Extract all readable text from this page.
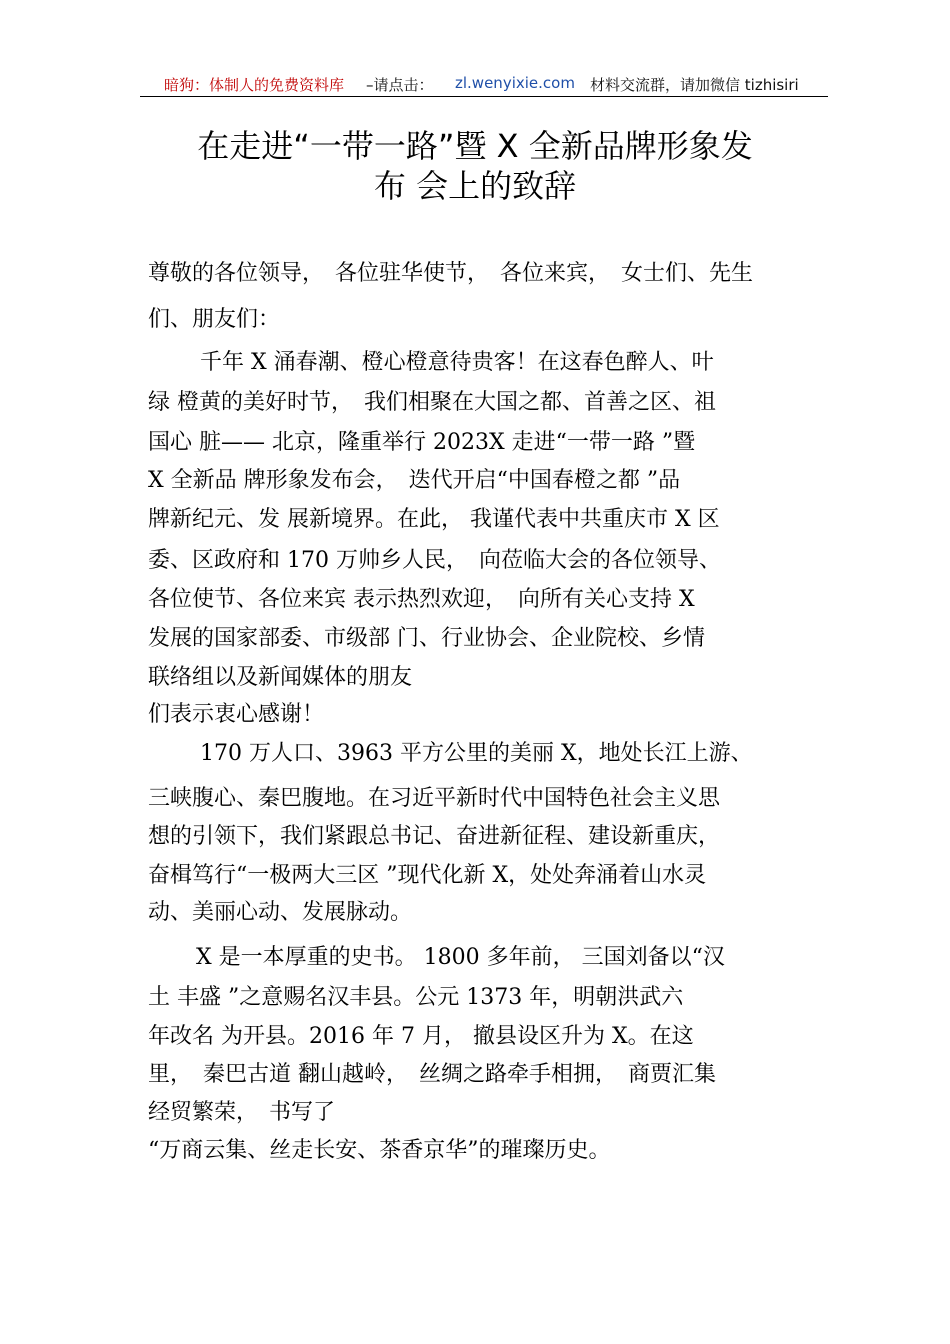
暗狗：体制人的免费资料库 –请点击： zl.wenyixie.com 材料交流群，请加微信 tizhisiri
在走进“一带一路”暨 X 全新品牌形象发
布 会上的致辞
尊敬的各位领导，　各位驻华使节，　各位来宾，　女士们、先生
们、朋友们：
千年 X 涌春潮、橙心橙意待贵客！在这春色醉人、叶
绿 橙黄的美好时节，　我们相聚在大国之都、首善之区、祖
国心 脏—— 北京，隆重举行 2023X 走进“一带一路 ”暨
X 全新品 牌形象发布会，　迭代开启“中国春橙之都 ”品
牌新纪元、发 展新境界。在此， 我谨代表中共重庆市 X 区
委、区政府和 170 万帅乡人民，　向莅临大会的各位领导、
各位使节、各位来宾 表示热烈欢迎，　向所有关心支持 X
发展的国家部委、市级部 门、行业协会、企业院校、乡情
联络组以及新闻媒体的朋友
们表示衷心感谢！
170 万人口、3963 平方公里的美丽 X，地处长江上游、
三峡腹心、秦巴腹地。在习近平新时代中国特色社会主义思
想的引领下，我们紧跟总书记、奋进新征程、建设新重庆，
奋楫笃行“一极两大三区 ”现代化新 X，处处奔涌着山水灵
动、美丽心动、发展脉动。
X 是一本厚重的史书。 1800 多年前， 三国刘备以“汉
土 丰盛 ”之意赐名汉丰县。公元 1373 年，明朝洪武六
年改名 为开县。2016 年 7 月， 撤县设区升为 X。在这
里，　秦巴古道 翻山越岭，　丝绸之路牵手相拥，　商贾汇集
经贸繁荣，　书写了
“万商云集、丝走长安、茶香京华”的璀璨历史。
